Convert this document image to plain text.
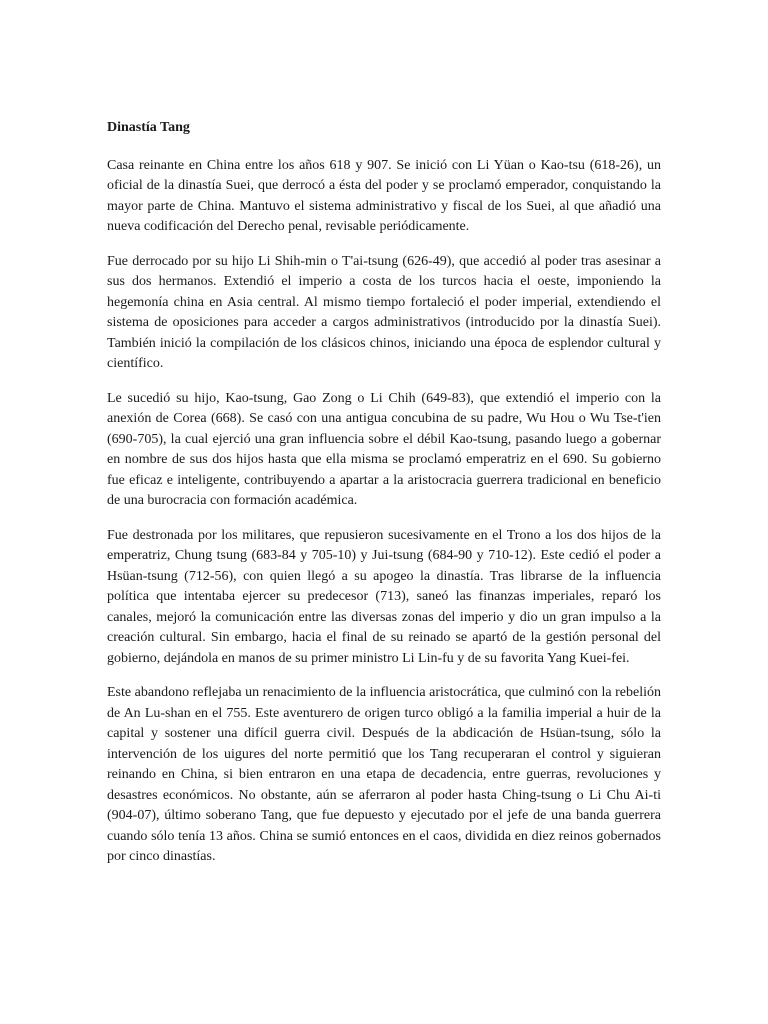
Dinastía Tang

Casa reinante en China entre los años 618 y 907. Se inició con Li Yüan o Kao-tsu (618-26), un oficial de la dinastía Suei, que derrocó a ésta del poder y se proclamó emperador, conquistando la mayor parte de China. Mantuvo el sistema administrativo y fiscal de los Suei, al que añadió una nueva codificación del Derecho penal, revisable periódicamente.

Fue derrocado por su hijo Li Shih-min o T'ai-tsung (626-49), que accedió al poder tras asesinar a sus dos hermanos. Extendió el imperio a costa de los turcos hacia el oeste, imponiendo la hegemonía china en Asia central. Al mismo tiempo fortaleció el poder imperial, extendiendo el sistema de oposiciones para acceder a cargos administrativos (introducido por la dinastía Suei). También inició la compilación de los clásicos chinos, iniciando una época de esplendor cultural y científico.

Le sucedió su hijo, Kao-tsung, Gao Zong o Li Chih (649-83), que extendió el imperio con la anexión de Corea (668). Se casó con una antigua concubina de su padre, Wu Hou o Wu Tse-t'ien (690-705), la cual ejerció una gran influencia sobre el débil Kao-tsung, pasando luego a gobernar en nombre de sus dos hijos hasta que ella misma se proclamó emperatriz en el 690. Su gobierno fue eficaz e inteligente, contribuyendo a apartar a la aristocracia guerrera tradicional en beneficio de una burocracia con formación académica.

Fue destronada por los militares, que repusieron sucesivamente en el Trono a los dos hijos de la emperatriz, Chung tsung (683-84 y 705-10) y Jui-tsung (684-90 y 710-12). Este cedió el poder a Hsüan-tsung (712-56), con quien llegó a su apogeo la dinastía. Tras librarse de la influencia política que intentaba ejercer su predecesor (713), saneó las finanzas imperiales, reparó los canales, mejoró la comunicación entre las diversas zonas del imperio y dio un gran impulso a la creación cultural. Sin embargo, hacia el final de su reinado se apartó de la gestión personal del gobierno, dejándola en manos de su primer ministro Li Lin-fu y de su favorita Yang Kuei-fei.

Este abandono reflejaba un renacimiento de la influencia aristocrática, que culminó con la rebelión de An Lu-shan en el 755. Este aventurero de origen turco obligó a la familia imperial a huir de la capital y sostener una difícil guerra civil. Después de la abdicación de Hsüan-tsung, sólo la intervención de los uigures del norte permitió que los Tang recuperaran el control y siguieran reinando en China, si bien entraron en una etapa de decadencia, entre guerras, revoluciones y desastres económicos. No obstante, aún se aferraron al poder hasta Ching-tsung o Li Chu Ai-ti (904-07), último soberano Tang, que fue depuesto y ejecutado por el jefe de una banda guerrera cuando sólo tenía 13 años. China se sumió entonces en el caos, dividida en diez reinos gobernados por cinco dinastías.
